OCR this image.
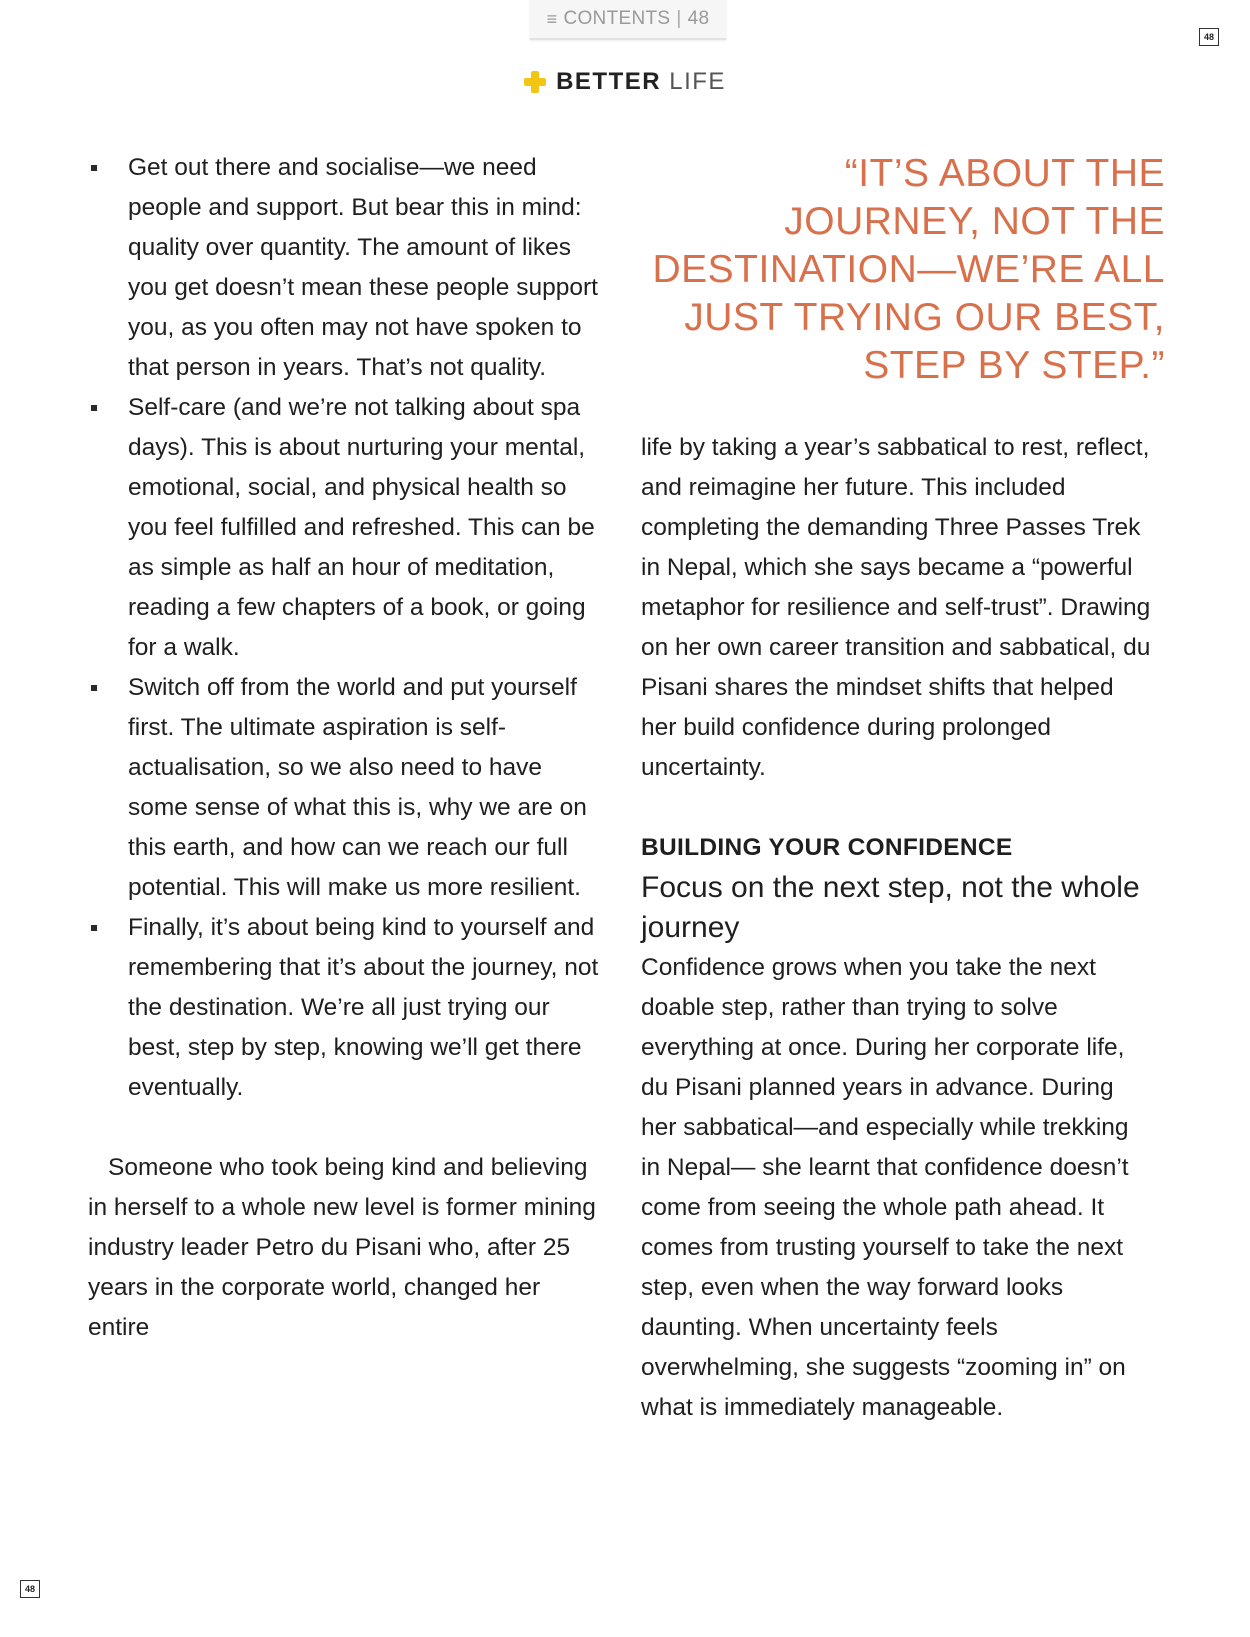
≡ CONTENTS | 48
48
48
BETTER LIFE
Get out there and socialise—we need people and support. But bear this in mind: quality over quantity. The amount of likes you get doesn’t mean these people support you, as you often may not have spoken to that person in years. That’s not quality.
Self-care (and we’re not talking about spa days). This is about nurturing your mental, emotional, social, and physical health so you feel fulfilled and refreshed. This can be as simple as half an hour of meditation, reading a few chapters of a book, or going for a walk.
Switch off from the world and put yourself first. The ultimate aspiration is self-actualisation, so we also need to have some sense of what this is, why we are on this earth, and how can we reach our full potential. This will make us more resilient.
Finally, it’s about being kind to yourself and remembering that it’s about the journey, not the destination. We’re all just trying our best, step by step, knowing we’ll get there eventually.

Someone who took being kind and believing in herself to a whole new level is former mining industry leader Petro du Pisani who, after 25 years in the corporate world, changed her entire

“IT’S ABOUT THE JOURNEY, NOT THE DESTINATION—WE’RE ALL JUST TRYING OUR BEST, STEP BY STEP.”

life by taking a year’s sabbatical to rest, reflect, and reimagine her future. This included completing the demanding Three Passes Trek in Nepal, which she says became a “powerful metaphor for resilience and self-trust”. Drawing on her own career transition and sabbatical, du Pisani shares the mindset shifts that helped her build confidence during prolonged uncertainty.

BUILDING YOUR CONFIDENCE

Focus on the next step, not the whole journey

Confidence grows when you take the next doable step, rather than trying to solve everything at once. During her corporate life, du Pisani planned years in advance. During her sabbatical—and especially while trekking in Nepal— she learnt that confidence doesn’t come from seeing the whole path ahead. It comes from trusting yourself to take the next step, even when the way forward looks daunting. When uncertainty feels overwhelming, she suggests “zooming in” on what is immediately manageable.
